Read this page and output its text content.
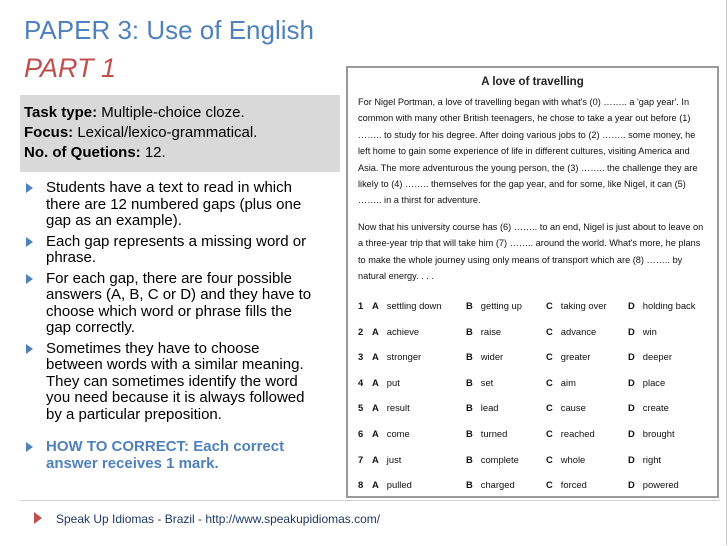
PAPER 3: Use of English
PART 1
Task type: Multiple-choice cloze.
Focus: Lexical/lexico-grammatical.
No. of Quetions: 12.
Students have a text to read in which there are 12 numbered gaps (plus one gap as an example).
Each gap represents a missing word or phrase.
For each gap, there are four possible answers (A, B, C or D) and they have to choose which word or phrase fills the gap correctly.
Sometimes they have to choose between words with a similar meaning. They can sometimes identify the word you need because it is always followed by a particular preposition.
HOW TO CORRECT: Each correct answer receives 1 mark.
A love of travelling
For Nigel Portman, a love of travelling began with what's (0) …….. a 'gap year'. In common with many other British teenagers, he chose to take a year out before (1) …….. to study for his degree. After doing various jobs to (2) …….. some money, he left home to gain some experience of life in different cultures, visiting America and Asia. The more adventurous the young person, the (3) …….. the challenge they are likely to (4) …….. themselves for the gap year, and for some, like Nigel, it can (5) …….. in a thirst for adventure.
Now that his university course has (6) …….. to an end, Nigel is just about to leave on a three-year trip that will take him (7) …….. around the world. What's more, he plans to make the whole journey using only means of transport which are (8) …….. by natural energy. . . .
1 A settling down	B getting up	C taking over D holding back
2 A achieve	B raise	C advance	D win
3 A stronger	B wider	C greater	D deeper
4 A put	B set	C aim	D place
5 A result	B lead	C cause	D create
6 A come	B turned	C reached	D brought
7 A just	B complete	C whole	D right
8 A pulled	B charged	C forced	D powered
Speak Up Idiomas - Brazil - http://www.speakupidiomas.com/
